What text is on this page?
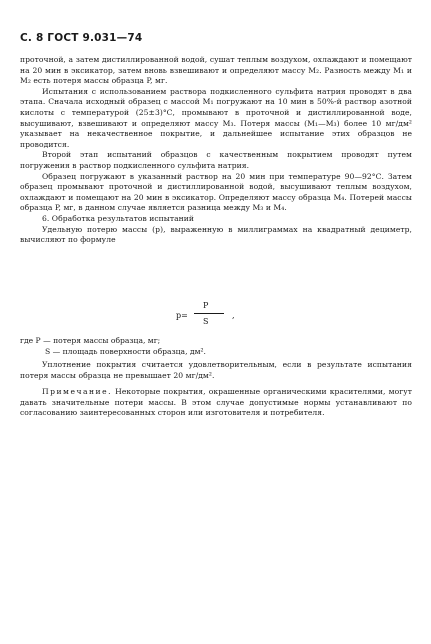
С. 8 ГОСТ 9.031—74

проточной, а затем дистиллированной водой, сушат теплым воздухом, охлаждают и помещают на 20 мин в эксикатор, затем вновь взвешивают и определяют массу M₂. Разность между M₁ и M₂ есть потеря массы образца P, мг.

Испытания с использованием раствора подкисленного сульфита натрия проводят в два этапа. Сначала исходный образец с массой M₁ погружают на 10 мин в 50%-й раствор азотной кислоты с температурой (25±3)°С, промывают в проточной и дистиллированной воде, высушивают, взвешивают и определяют массу M₃. Потеря массы (M₁—M₃) более 10 мг/дм² указывает на некачественное покрытие, и дальнейшее испытание этих образцов не проводится.

Второй этап испытаний образцов с качественным покрытием проводят путем погружения в раствор подкисленного сульфита натрия.

Образец погружают в указанный раствор на 20 мин при температуре 90—92°С. Затем образец промывают проточной и дистиллированной водой, высушивают теплым воздухом, охлаждают и помещают на 20 мин в эксикатор. Определяют массу образца M₄. Потерей массы образца P, мг, в данном случае является разница между M₃ и M₄.

6. Обработка результатов испытаний

Удельную потерю массы (p), выраженную в миллиграммах на квадратный дециметр, вычисляют по формуле

p=
P
S
,
где P — потеря массы образца, мг;
S — площадь поверхности образца, дм².

Уплотнение покрытия считается удовлетворительным, если в результате испытания потеря массы образца не превышает 20 мг/дм².

Примечание. Некоторые покрытия, окрашенные органическими красителями, могут давать значительные потери массы. В этом случае допустимые нормы устанавливают по согласованию заинтересованных сторон или изготовителя и потребителя.
